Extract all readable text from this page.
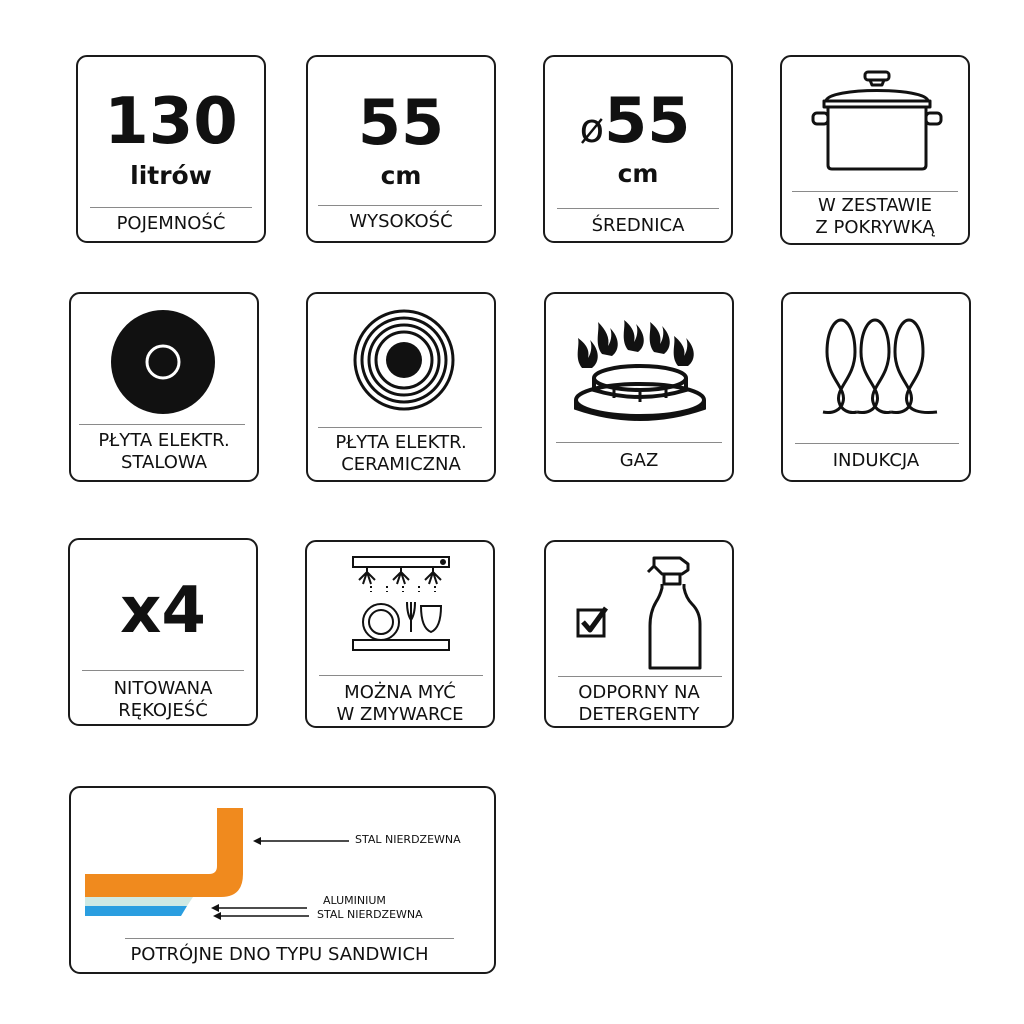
130
litrów
POJEMNOŚĆ
55
cm
WYSOKOŚĆ
ø55
cm
ŚREDNICA
W ZESTAWIE
Z POKRYWKĄ
PŁYTA ELEKTR.
STALOWA
PŁYTA ELEKTR.
CERAMICZNA	GAZ	INDUKCJA
x4
NITOWANA
RĘKOJEŚĆ
MOŻNA MYĆ
W ZMYWARCE
ODPORNY NA
DETERGENTY
STAL NIERDZEWNA
ALUMINIUM
STAL NIERDZEWNA
POTRÓJNE DNO TYPU SANDWICH
